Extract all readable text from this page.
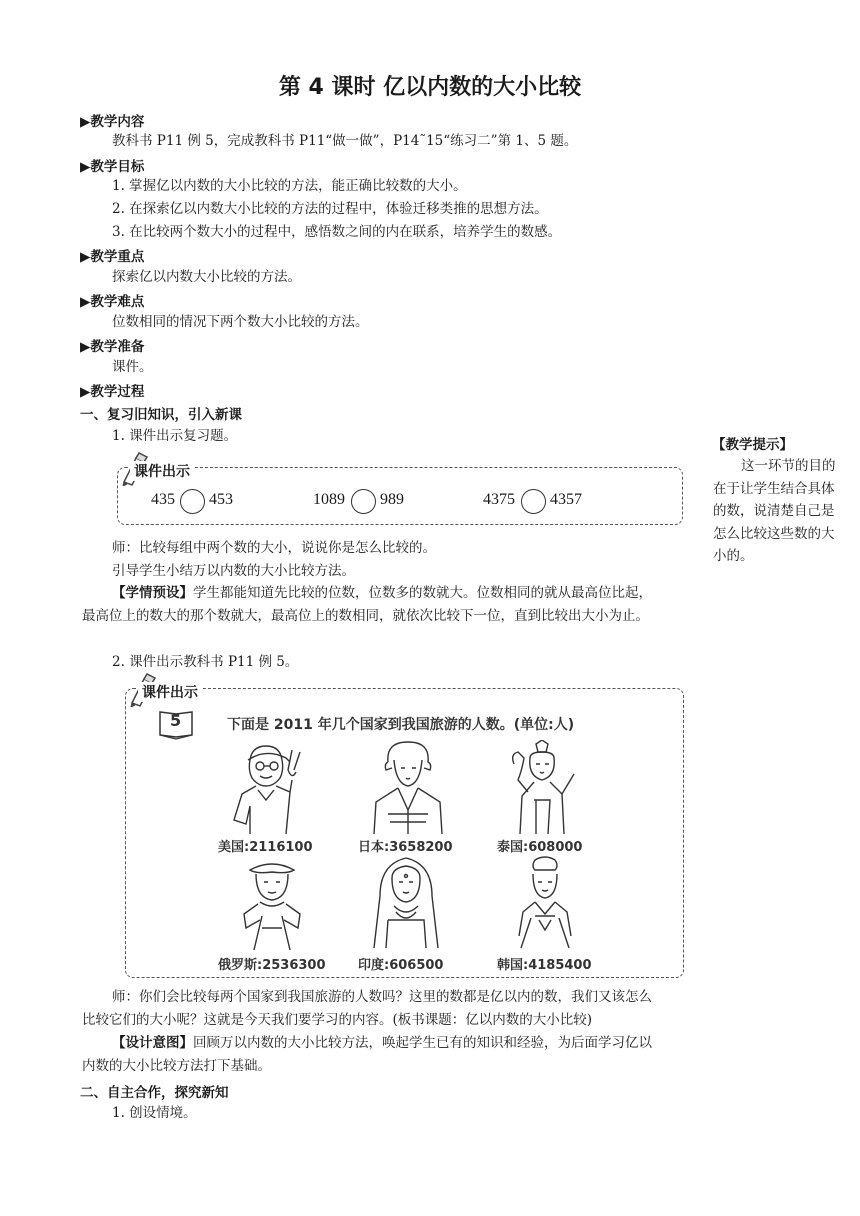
第 4 课时 亿以内数的大小比较
▶教学内容
教科书 P11 例 5，完成教科书 P11“做一做”，P14˜15“练习二”第 1、5 题。
▶教学目标
1. 掌握亿以内数的大小比较的方法，能正确比较数的大小。
2. 在探索亿以内数大小比较的方法的过程中，体验迁移类推的思想方法。
3. 在比较两个数大小的过程中，感悟数之间的内在联系，培养学生的数感。
▶教学重点
探索亿以内数大小比较的方法。
▶教学难点
位数相同的情况下两个数大小比较的方法。
▶教学准备
课件。
▶教学过程
一、复习旧知识，引入新课
1. 课件出示复习题。
课件出示
435 453	1089 989	4375 4357
师：比较每组中两个数的大小，说说你是怎么比较的。
引导学生小结万以内数的大小比较方法。
【学情预设】学生都能知道先比较的位数，位数多的数就大。位数相同的就从最高位比起，最高位上的数大的那个数就大，最高位上的数相同，就依次比较下一位，直到比较出大小为止。
2. 课件出示教科书 P11 例 5。
课件出示
5	下面是 2011 年几个国家到我国旅游的人数。(单位:人)
美国:2116100	日本:3658200	泰国:608000
俄罗斯:2536300 印度:606500	韩国:4185400
师：你们会比较每两个国家到我国旅游的人数吗？这里的数都是亿以内的数，我们又该怎么比较它们的大小呢？这就是今天我们要学习的内容。(板书课题：亿以内数的大小比较)
【设计意图】回顾万以内数的大小比较方法，唤起学生已有的知识和经验，为后面学习亿以内数的大小比较方法打下基础。
二、自主合作，探究新知
1. 创设情境。
【教学提示】
这一环节的目的在于让学生结合具体的数，说清楚自己是怎么比较这些数的大小的。
